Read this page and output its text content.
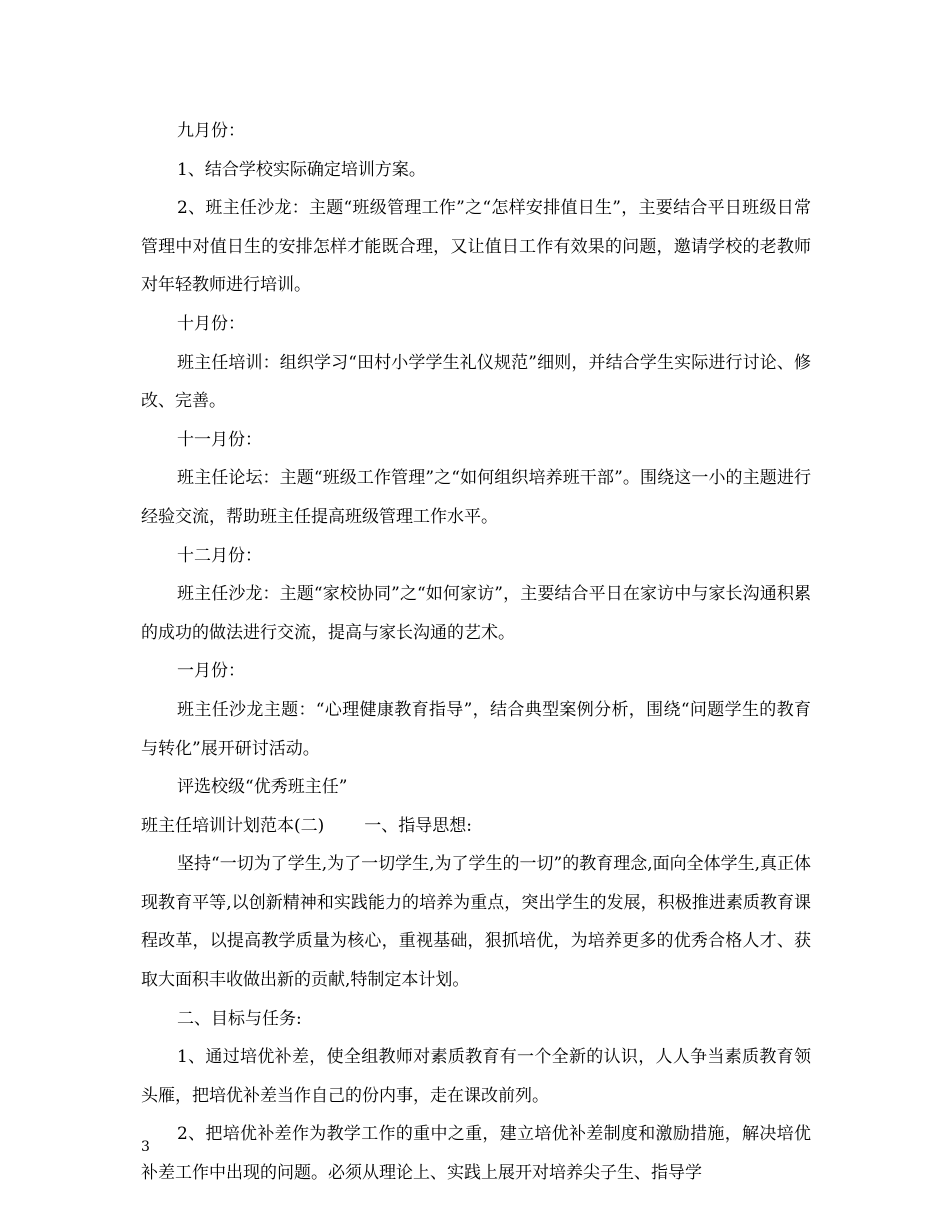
九月份：

1、结合学校实际确定培训方案。

2、班主任沙龙：主题“班级管理工作”之“怎样安排值日生”，主要结合平日班级日常管理中对值日生的安排怎样才能既合理，又让值日工作有效果的问题，邀请学校的老教师对年轻教师进行培训。

十月份：

班主任培训：组织学习“田村小学学生礼仪规范”细则，并结合学生实际进行讨论、修改、完善。

十一月份：

班主任论坛：主题“班级工作管理”之“如何组织培养班干部”。围绕这一小的主题进行经验交流，帮助班主任提高班级管理工作水平。

十二月份：

班主任沙龙：主题“家校协同”之“如何家访”，主要结合平日在家访中与家长沟通积累的成功的做法进行交流，提高与家长沟通的艺术。

一月份：

班主任沙龙主题：“心理健康教育指导”，结合典型案例分析，围绕“问题学生的教育与转化”展开研讨活动。

评选校级“优秀班主任”

班主任培训计划范本(二) 一、指导思想:

坚持“一切为了学生,为了一切学生,为了学生的一切”的教育理念,面向全体学生,真正体现教育平等,以创新精神和实践能力的培养为重点，突出学生的发展，积极推进素质教育课程改革，以提高教学质量为核心，重视基础，狠抓培优，为培养更多的优秀合格人才、获取大面积丰收做出新的贡献,特制定本计划。

二、目标与任务:

1、通过培优补差，使全组教师对素质教育有一个全新的认识，人人争当素质教育领头雁，把培优补差当作自己的份内事，走在课改前列。

2、把培优补差作为教学工作的重中之重，建立培优补差制度和激励措施，解决培优补差工作中出现的问题。必须从理论上、实践上展开对培养尖子生、指导学

3
